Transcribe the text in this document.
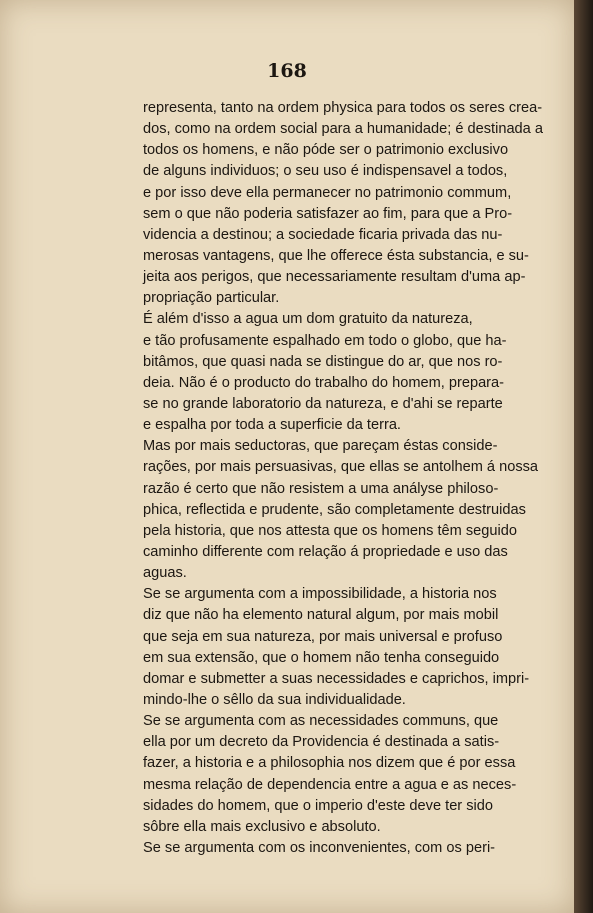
168
representa, tanto na ordem physica para todos os seres crea-
dos, como na ordem social para a humanidade; é destinada a
todos os homens, e não póde ser o patrimonio exclusivo
de alguns individuos; o seu uso é indispensavel a todos,
e por isso deve ella permanecer no patrimonio commum,
sem o que não poderia satisfazer ao fim, para que a Pro-
videncia a destinou; a sociedade ficaria privada das nu-
merosas vantagens, que lhe offerece ésta substancia, e su-
jeita aos perigos, que necessariamente resultam d'uma ap-
propriação particular.
É além d'isso a agua um dom gratuito da natureza,
e tão profusamente espalhado em todo o globo, que ha-
bitâmos, que quasi nada se distingue do ar, que nos ro-
deia. Não é o producto do trabalho do homem, prepara-
se no grande laboratorio da natureza, e d'ahi se reparte
e espalha por toda a superficie da terra.
Mas por mais seductoras, que pareçam éstas conside-
rações, por mais persuasivas, que ellas se antolhem á nossa
razão é certo que não resistem a uma anályse philoso-
phica, reflectida e prudente, são completamente destruidas
pela historia, que nos attesta que os homens têm seguido
caminho differente com relação á propriedade e uso das
aguas.
Se se argumenta com a impossibilidade, a historia nos
diz que não ha elemento natural algum, por mais mobil
que seja em sua natureza, por mais universal e profuso
em sua extensão, que o homem não tenha conseguido
domar e submetter a suas necessidades e caprichos, impri-
mindo-lhe o sêllo da sua individualidade.
Se se argumenta com as necessidades communs, que
ella por um decreto da Providencia é destinada a satis-
fazer, a historia e a philosophia nos dizem que é por essa
mesma relação de dependencia entre a agua e as neces-
sidades do homem, que o imperio d'este deve ter sido
sôbre ella mais exclusivo e absoluto.
Se se argumenta com os inconvenientes, com os peri-
